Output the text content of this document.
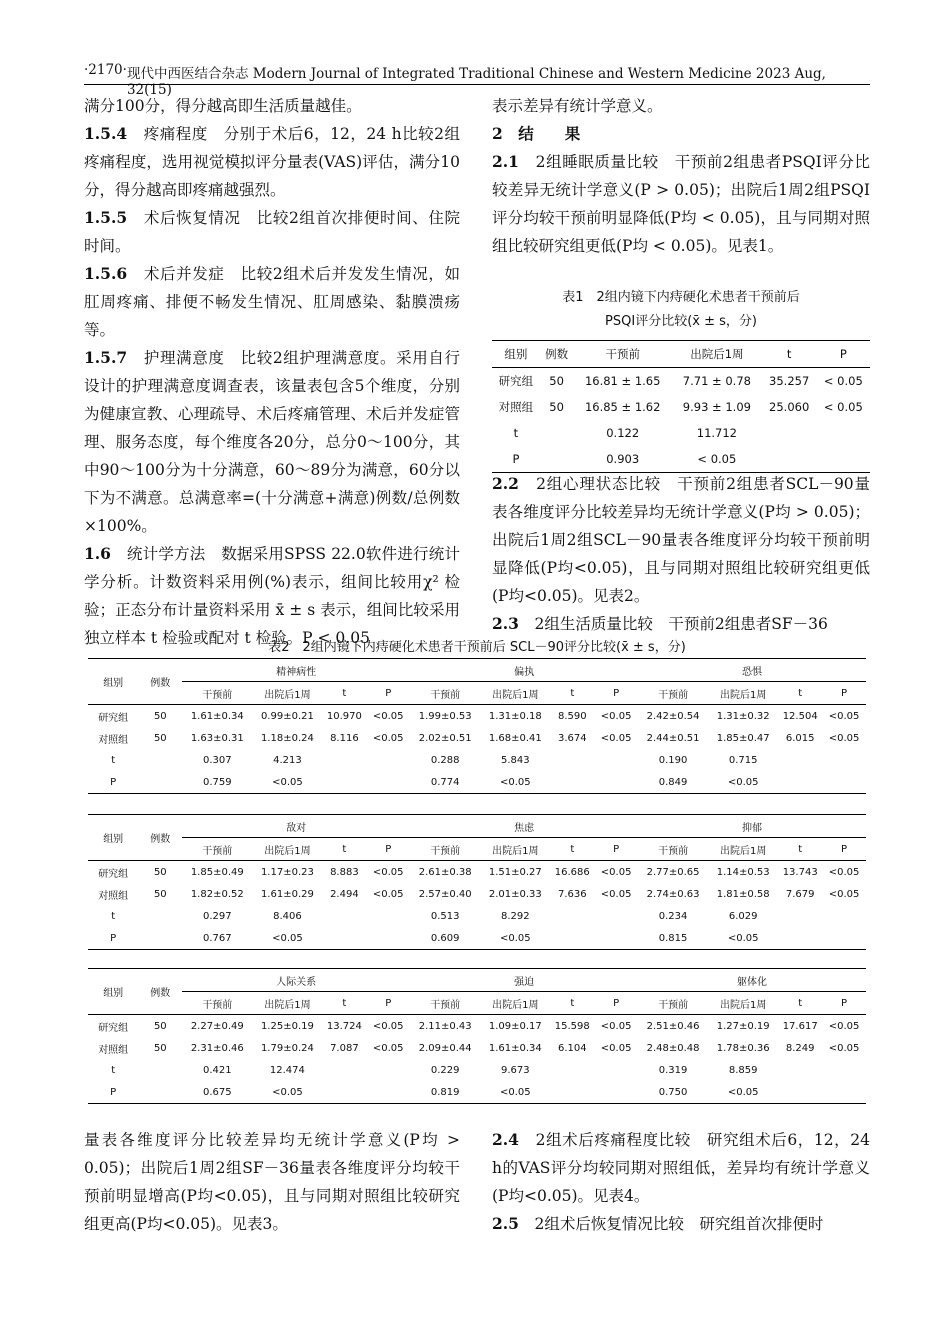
·2170· 现代中西医结合杂志 Modern Journal of Integrated Traditional Chinese and Western Medicine 2023 Aug, 32(15)

满分100分，得分越高即生活质量越佳。

1.5.4　 疼痛程度　 分别于术后6，12，24 h比较2组疼痛程度，选用视觉模拟评分量表(VAS)评估，满分10分，得分越高即疼痛越强烈。

1.5.5　 术后恢复情况　 比较2组首次排便时间、住院时间。

1.5.6　 术后并发症　 比较2组术后并发发生情况，如肛周疼痛、排便不畅发生情况、肛周感染、黏膜溃疡等。

1.5.7　 护理满意度　 比较2组护理满意度。采用自行设计的护理满意度调查表，该量表包含5个维度，分别为健康宣教、心理疏导、术后疼痛管理、术后并发症管理、服务态度，每个维度各20分，总分0～100分，其中90～100分为十分满意，60～89分为满意，60分以下为不满意。总满意率=(十分满意+满意)例数/总例数×100%。

1.6　 统计学方法　 数据采用SPSS 22.0软件进行统计学分析。计数资料采用例(%)表示，组间比较用χ² 检验；正态分布计量资料采用 x̄ ± s 表示，组间比较采用独立样本 t 检验或配对 t 检验。P < 0.05

表示差异有统计学意义。

2　结　　果

2.1　 2组睡眠质量比较　 干预前2组患者PSQI评分比较差异无统计学意义(P > 0.05)；出院后1周2组PSQI评分均较干预前明显降低(P均 < 0.05)，且与同期对照组比较研究组更低(P均 < 0.05)。见表1。

表1　2组内镜下内痔硬化术患者干预前后
PSQI评分比较(x̄ ± s，分)
组别	例数	干预前	出院后1周	t	P
研究组	50	16.81 ± 1.65	7.71 ± 0.78	35.257	< 0.05
对照组	50	16.85 ± 1.62	9.93 ± 1.09	25.060	< 0.05
t		0.122	11.712		
P		0.903	< 0.05		

2.2　 2组心理状态比较　 干预前2组患者SCL－90量表各维度评分比较差异均无统计学意义(P均 > 0.05)；出院后1周2组SCL－90量表各维度评分均较干预前明显降低(P均<0.05)，且与同期对照组比较研究组更低(P均<0.05)。见表2。

2.3　 2组生活质量比较　 干预前2组患者SF－36

表2　2组内镜下内痔硬化术患者干预前后 SCL－90评分比较(x̄ ± s，分)
组别	例数	精神病性				偏执				恐惧			
		干预前	出院后1周	t	P	干预前	出院后1周	t	P	干预前	出院后1周	t	P
研究组	50	1.61±0.34	0.99±0.21	10.970	<0.05	1.99±0.53	1.31±0.18	8.590	<0.05	2.42±0.54	1.31±0.32	12.504	<0.05
对照组	50	1.63±0.31	1.18±0.24	8.116	<0.05	2.02±0.51	1.68±0.41	3.674	<0.05	2.44±0.51	1.85±0.47	6.015	<0.05
t		0.307	4.213			0.288	5.843			0.190	0.715		
P		0.759	<0.05			0.774	<0.05			0.849	<0.05		
组别	例数	敌对				焦虑				抑郁			
		干预前	出院后1周	t	P	干预前	出院后1周	t	P	干预前	出院后1周	t	P
研究组	50	1.85±0.49	1.17±0.23	8.883	<0.05	2.61±0.38	1.51±0.27	16.686	<0.05	2.77±0.65	1.14±0.53	13.743	<0.05
对照组	50	1.82±0.52	1.61±0.29	2.494	<0.05	2.57±0.40	2.01±0.33	7.636	<0.05	2.74±0.63	1.81±0.58	7.679	<0.05
t		0.297	8.406			0.513	8.292			0.234	6.029		
P		0.767	<0.05			0.609	<0.05			0.815	<0.05		
组别	例数	人际关系				强迫				躯体化			
		干预前	出院后1周	t	P	干预前	出院后1周	t	P	干预前	出院后1周	t	P
研究组	50	2.27±0.49	1.25±0.19	13.724	<0.05	2.11±0.43	1.09±0.17	15.598	<0.05	2.51±0.46	1.27±0.19	17.617	<0.05
对照组	50	2.31±0.46	1.79±0.24	7.087	<0.05	2.09±0.44	1.61±0.34	6.104	<0.05	2.48±0.48	1.78±0.36	8.249	<0.05
t		0.421	12.474			0.229	9.673			0.319	8.859		
P		0.675	<0.05			0.819	<0.05			0.750	<0.05		

量表各维度评分比较差异均无统计学意义(P均 > 0.05)；出院后1周2组SF－36量表各维度评分均较干预前明显增高(P均<0.05)，且与同期对照组比较研究组更高(P均<0.05)。见表3。

2.4　 2组术后疼痛程度比较　 研究组术后6，12，24 h的VAS评分均较同期对照组低，差异均有统计学意义(P均<0.05)。见表4。

2.5　 2组术后恢复情况比较　 研究组首次排便时
